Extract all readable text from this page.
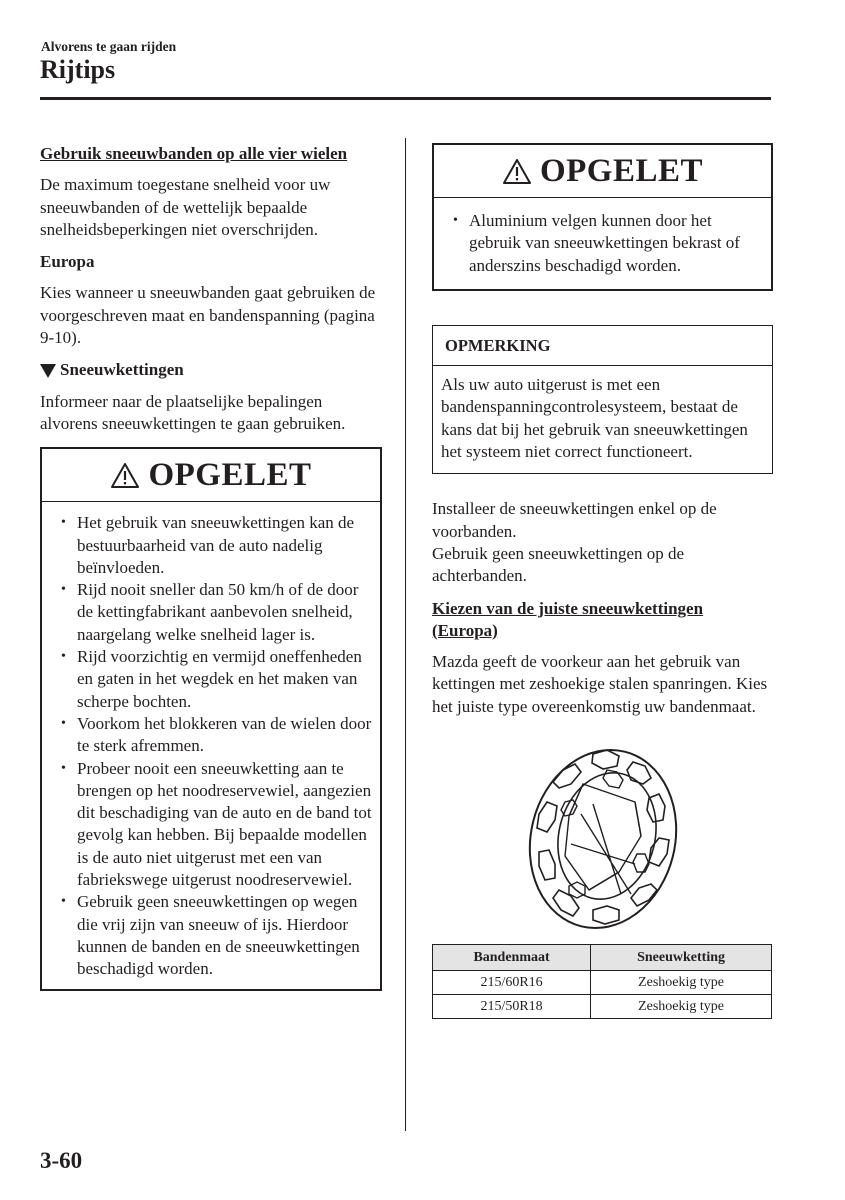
Alvorens te gaan rijden
Rijtips
Gebruik sneeuwbanden op alle vier wielen
De maximum toegestane snelheid voor uw sneeuwbanden of de wettelijk bepaalde snelheidsbeperkingen niet overschrijden.
Europa
Kies wanneer u sneeuwbanden gaat gebruiken de voorgeschreven maat en bandenspanning (pagina 9-10).
Sneeuwkettingen
Informeer naar de plaatselijke bepalingen alvorens sneeuwkettingen te gaan gebruiken.
OPGELET
• Het gebruik van sneeuwkettingen kan de bestuurbaarheid van de auto nadelig beïnvloeden.
• Rijd nooit sneller dan 50 km/h of de door de kettingfabrikant aanbevolen snelheid, naargelang welke snelheid lager is.
• Rijd voorzichtig en vermijd oneffenheden en gaten in het wegdek en het maken van scherpe bochten.
• Voorkom het blokkeren van de wielen door te sterk afremmen.
• Probeer nooit een sneeuwketting aan te brengen op het noodreservewiel, aangezien dit beschadiging van de auto en de band tot gevolg kan hebben. Bij bepaalde modellen is de auto niet uitgerust met een van fabriekswege uitgerust noodreservewiel.
• Gebruik geen sneeuwkettingen op wegen die vrij zijn van sneeuw of ijs. Hierdoor kunnen de banden en de sneeuwkettingen beschadigd worden.
OPGELET
• Aluminium velgen kunnen door het gebruik van sneeuwkettingen bekrast of anderszins beschadigd worden.
OPMERKING
Als uw auto uitgerust is met een bandenspanningcontrolesysteem, bestaat de kans dat bij het gebruik van sneeuwkettingen het systeem niet correct functioneert.
Installeer de sneeuwkettingen enkel op de voorbanden.
Gebruik geen sneeuwkettingen op de achterbanden.
Kiezen van de juiste sneeuwkettingen (Europa)
Mazda geeft de voorkeur aan het gebruik van kettingen met zeshoekige stalen spanringen. Kies het juiste type overeenkomstig uw bandenmaat.
Bandenmaat	Sneeuwketting
215/60R16	Zeshoekig type
215/50R18	Zeshoekig type
3-60
